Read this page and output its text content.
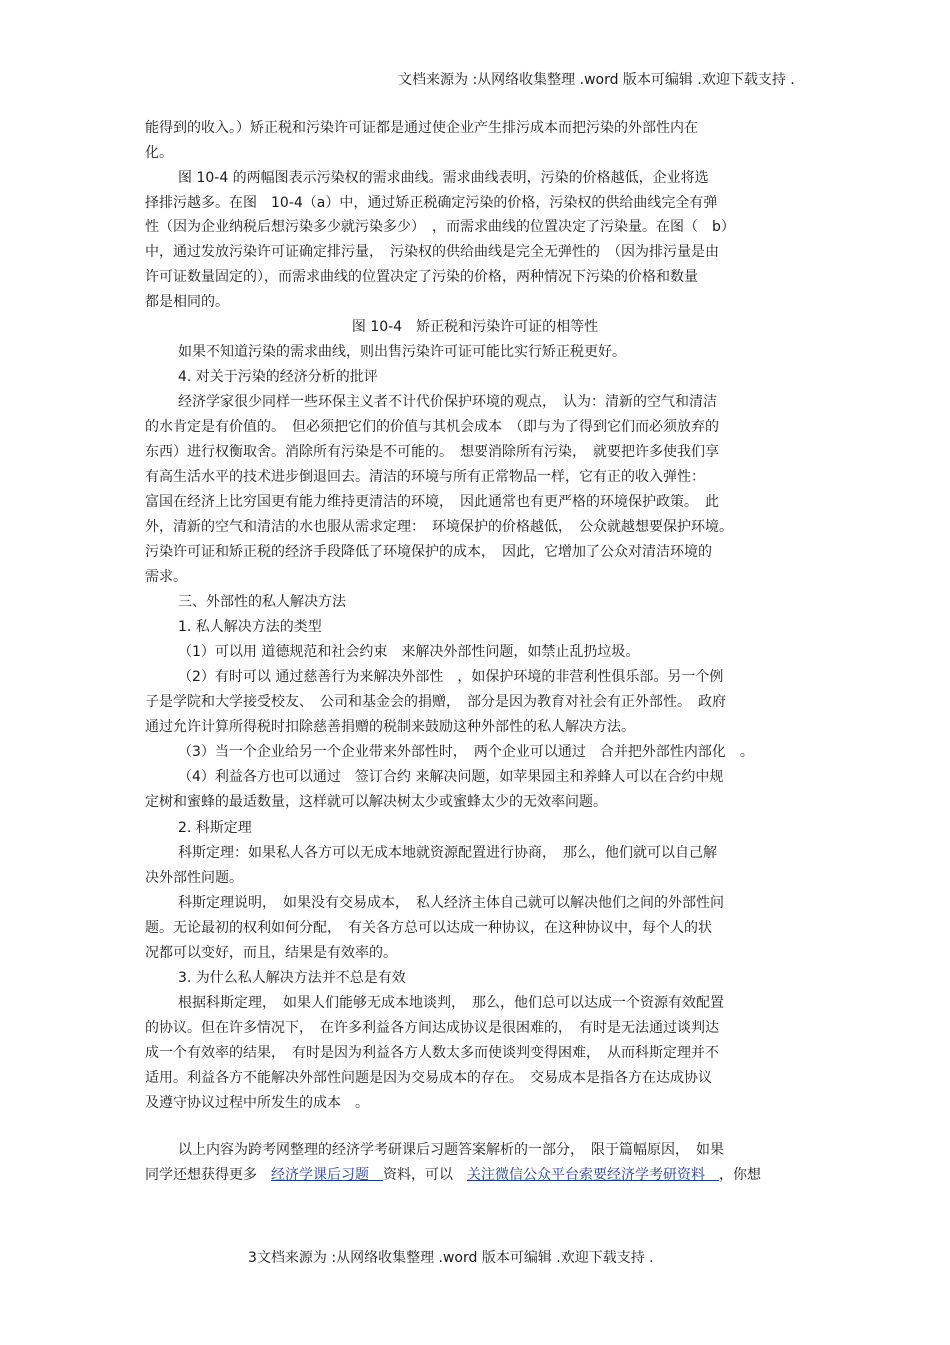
文档来源为 :从网络收集整理 .word 版本可编辑 .欢迎下载支持 .
能得到的收入。）矫正税和污染许可证都是通过使企业产生排污成本而把污染的外部性内在
化。
图 10-4 的两幅图表示污染权的需求曲线。需求曲线表明，污染的价格越低，企业将选
择排污越多。在图　10-4（a）中，通过矫正税确定污染的价格，污染权的供给曲线完全有弹
性（因为企业纳税后想污染多少就污染多少）　，而需求曲线的位置决定了污染量。在图（　b）
中，通过发放污染许可证确定排污量，　污染权的供给曲线是完全无弹性的　（因为排污量是由
许可证数量固定的），而需求曲线的位置决定了污染的价格，两种情况下污染的价格和数量
都是相同的。
图 10-4　矫正税和污染许可证的相等性
如果不知道污染的需求曲线，则出售污染许可证可能比实行矫正税更好。
4. 对关于污染的经济分析的批评
经济学家很少同样一些环保主义者不计代价保护环境的观点，　认为：清新的空气和清洁
的水肯定是有价值的。　但必须把它们的价值与其机会成本　（即与为了得到它们而必须放弃的
东西）进行权衡取舍。消除所有污染是不可能的。　想要消除所有污染，　就要把许多使我们享
有高生活水平的技术进步倒退回去。清洁的环境与所有正常物品一样，它有正的收入弹性：
富国在经济上比穷国更有能力维持更清洁的环境，　因此通常也有更严格的环境保护政策。　此
外，清新的空气和清洁的水也服从需求定理：　环境保护的价格越低，　公众就越想要保护环境。
污染许可证和矫正税的经济手段降低了环境保护的成本，　因此，它增加了公众对清洁环境的
需求。
三、外部性的私人解决方法
1. 私人解决方法的类型
（1）可以用 道德规范和社会约束　来解决外部性问题，如禁止乱扔垃圾。
（2）有时可以 通过慈善行为来解决外部性　，如保护环境的非营利性俱乐部。另一个例
子是学院和大学接受校友、　公司和基金会的捐赠，　部分是因为教育对社会有正外部性。　政府
通过允许计算所得税时扣除慈善捐赠的税制来鼓励这种外部性的私人解决方法。
（3）当一个企业给另一个企业带来外部性时，　两个企业可以通过　合并把外部性内部化　。
（4）利益各方也可以通过　签订合约 来解决问题，如苹果园主和养蜂人可以在合约中规
定树和蜜蜂的最适数量，这样就可以解决树太少或蜜蜂太少的无效率问题。
2. 科斯定理
科斯定理：如果私人各方可以无成本地就资源配置进行协商，　那么，他们就可以自己解
决外部性问题。
科斯定理说明，　如果没有交易成本，　私人经济主体自己就可以解决他们之间的外部性问
题。无论最初的权利如何分配，　有关各方总可以达成一种协议，在这种协议中，每个人的状
况都可以变好，而且，结果是有效率的。
3. 为什么私人解决方法并不总是有效
根据科斯定理，　如果人们能够无成本地谈判，　那么，他们总可以达成一个资源有效配置
的协议。但在许多情况下，　在许多利益各方间达成协议是很困难的，　有时是无法通过谈判达
成一个有效率的结果，　有时是因为利益各方人数太多而使谈判变得困难，　从而科斯定理并不
适用。利益各方不能解决外部性问题是因为交易成本的存在。　交易成本是指各方在达成协议
及遵守协议过程中所发生的成本　。
以上内容为跨考网整理的经济学考研课后习题答案解析的一部分，　限于篇幅原因，　如果
同学还想获得更多　经济学课后习题　资料，可以　关注微信公众平台索要经济学考研资料　，你想
3文档来源为 :从网络收集整理 .word 版本可编辑 .欢迎下载支持 .
